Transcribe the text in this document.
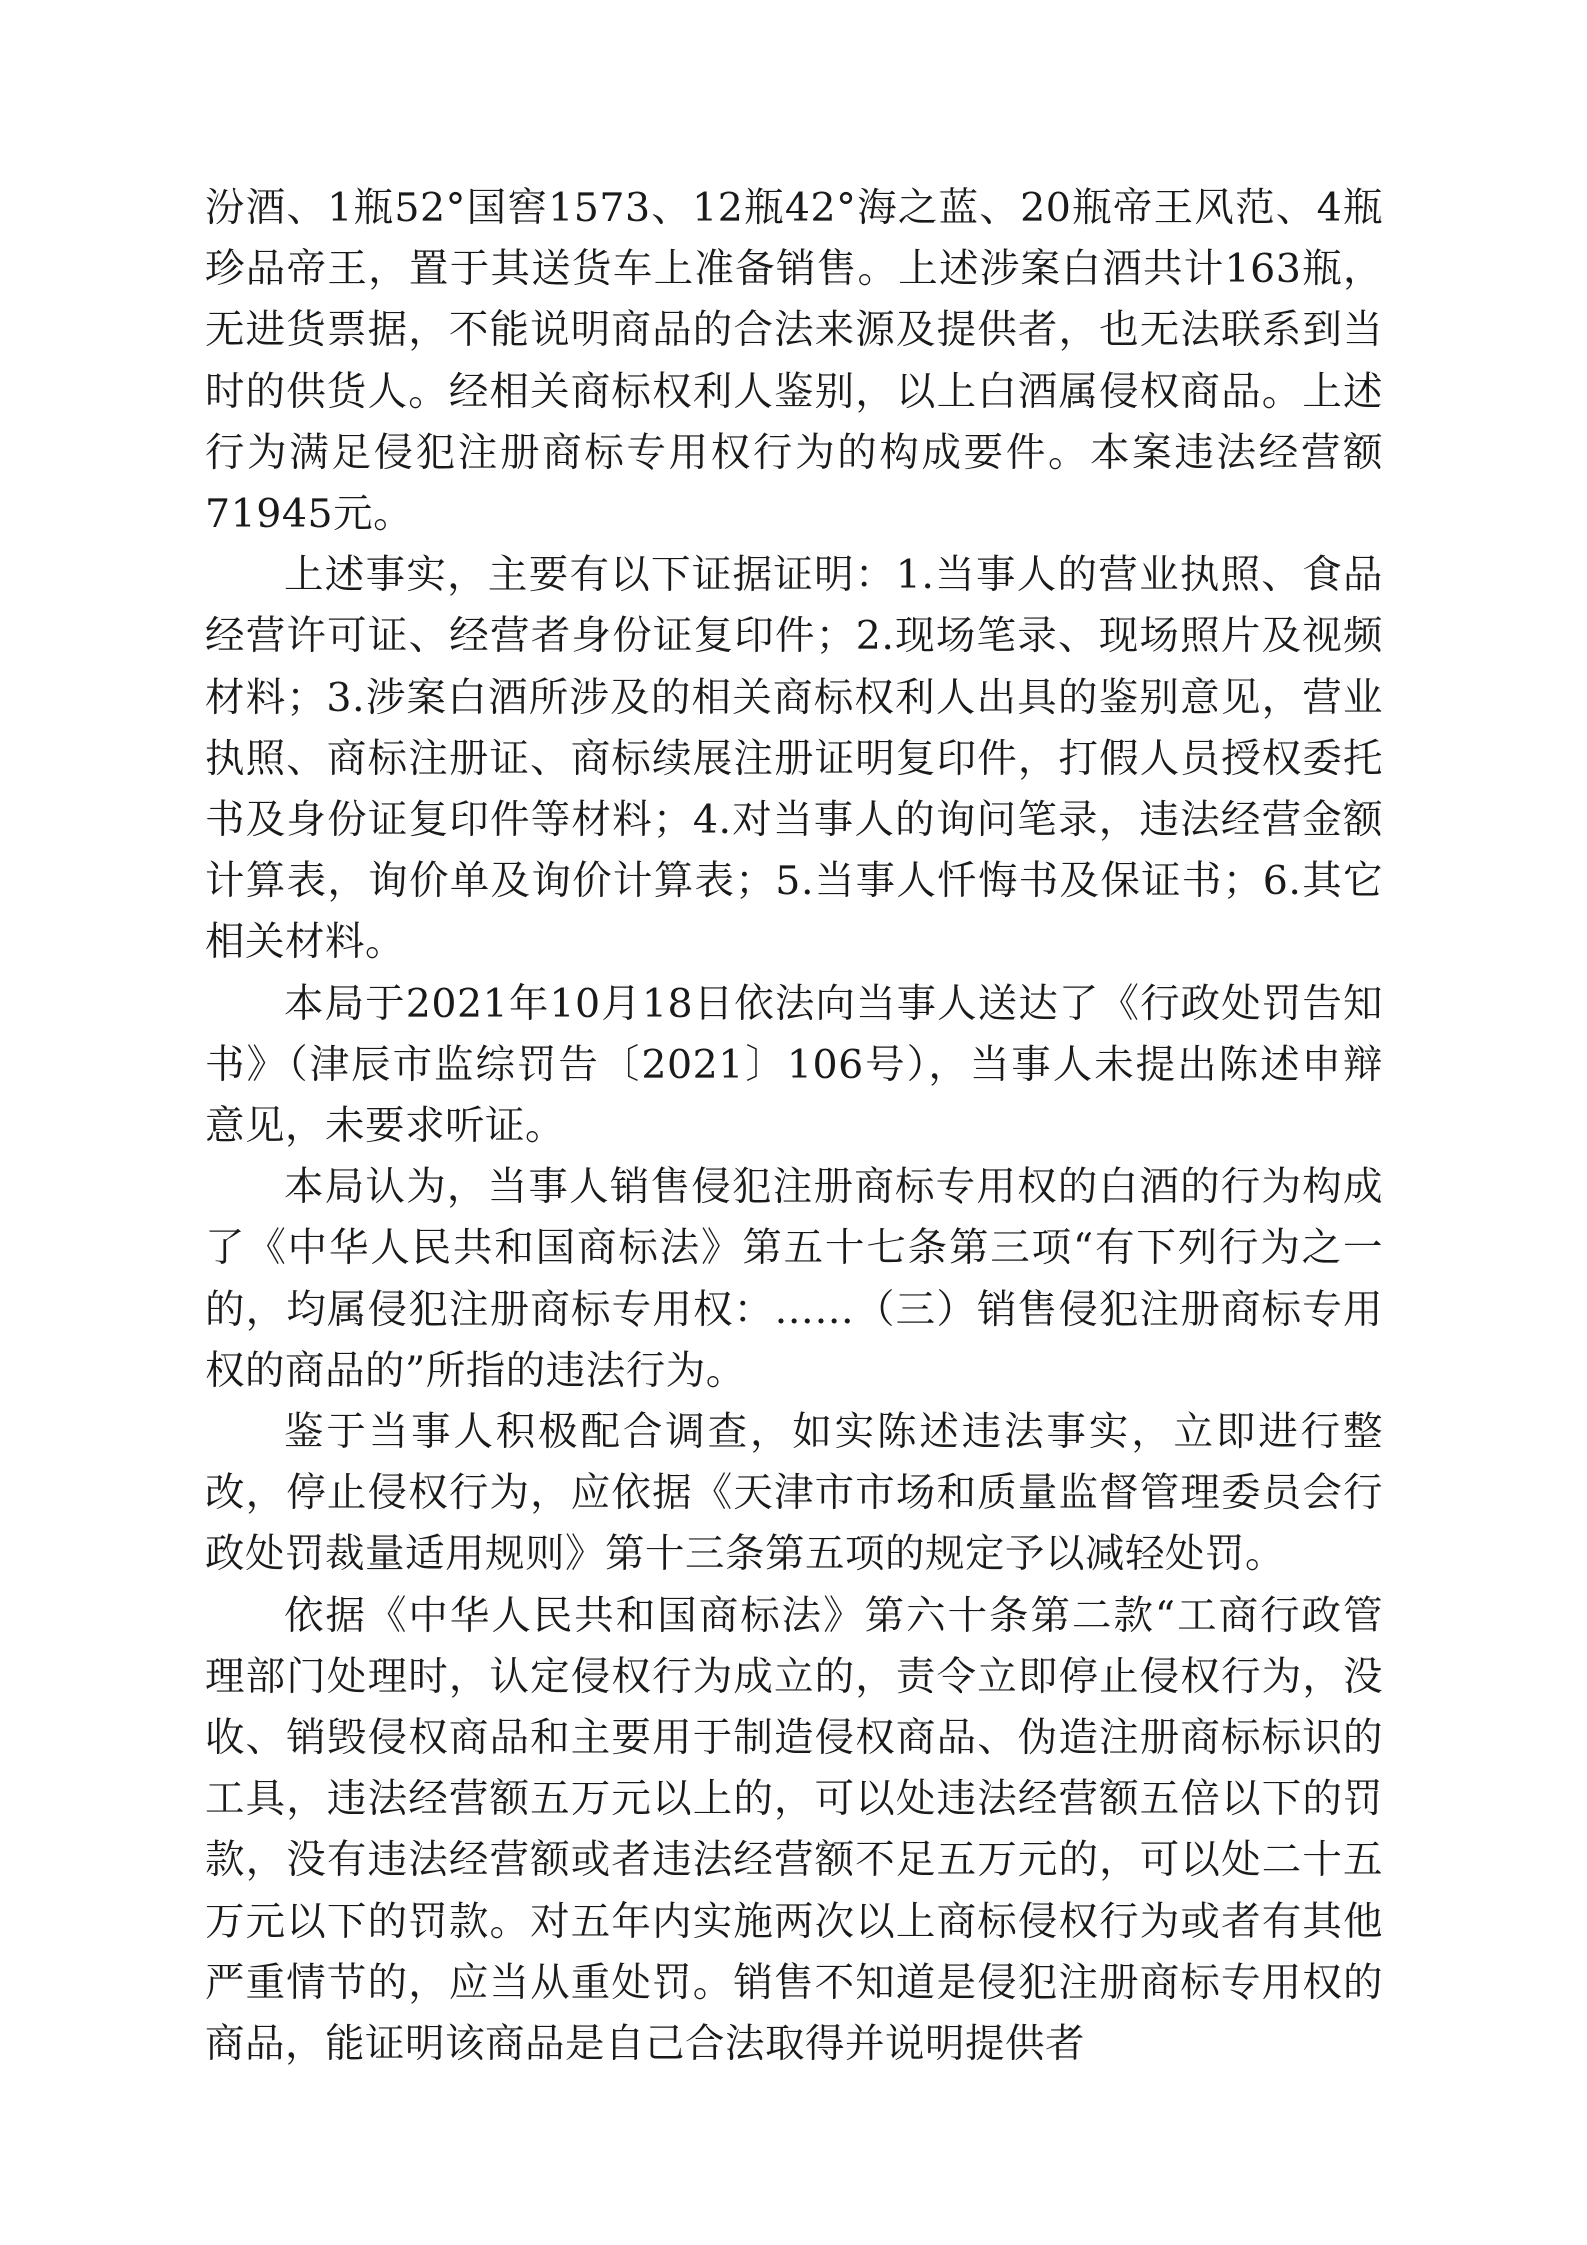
汾酒、1瓶52°国窖1573、12瓶42°海之蓝、20瓶帝王风范、4瓶珍品帝王，置于其送货车上准备销售。上述涉案白酒共计163瓶，无进货票据，不能说明商品的合法来源及提供者，也无法联系到当时的供货人。经相关商标权利人鉴别，以上白酒属侵权商品。上述行为满足侵犯注册商标专用权行为的构成要件。本案违法经营额71945元。

上述事实，主要有以下证据证明：1.当事人的营业执照、食品经营许可证、经营者身份证复印件；2.现场笔录、现场照片及视频材料；3.涉案白酒所涉及的相关商标权利人出具的鉴别意见，营业执照、商标注册证、商标续展注册证明复印件，打假人员授权委托书及身份证复印件等材料；4.对当事人的询问笔录，违法经营金额计算表，询价单及询价计算表；5.当事人忏悔书及保证书；6.其它相关材料。

本局于2021年10月18日依法向当事人送达了《行政处罚告知书》（津辰市监综罚告〔2021〕106号），当事人未提出陈述申辩意见，未要求听证。

本局认为，当事人销售侵犯注册商标专用权的白酒的行为构成了《中华人民共和国商标法》第五十七条第三项“有下列行为之一的，均属侵犯注册商标专用权：……（三）销售侵犯注册商标专用权的商品的”所指的违法行为。

鉴于当事人积极配合调查，如实陈述违法事实，立即进行整改，停止侵权行为，应依据《天津市市场和质量监督管理委员会行政处罚裁量适用规则》第十三条第五项的规定予以减轻处罚。

依据《中华人民共和国商标法》第六十条第二款“工商行政管理部门处理时，认定侵权行为成立的，责令立即停止侵权行为，没收、销毁侵权商品和主要用于制造侵权商品、伪造注册商标标识的工具，违法经营额五万元以上的，可以处违法经营额五倍以下的罚款，没有违法经营额或者违法经营额不足五万元的，可以处二十五万元以下的罚款。对五年内实施两次以上商标侵权行为或者有其他严重情节的，应当从重处罚。销售不知道是侵犯注册商标专用权的商品，能证明该商品是自己合法取得并说明提供者
